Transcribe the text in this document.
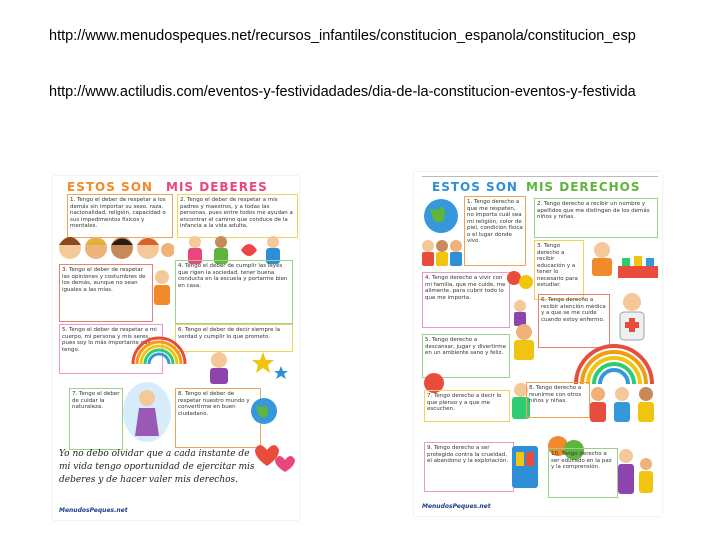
http://www.menudospeques.net/recursos_infantiles/constitucion_espanola/constitucion_esp
http://www.actiludis.com/eventos-y-festividadades/dia-de-la-constitucion-eventos-y-festivida
ESTOS SON MIS DEBERES
1. Tengo el deber de respetar a los demás sin importar su sexo, raza, nacionalidad, religión, capacidad o sus impedimentos físicos y mentales.
2. Tengo el deber de respetar a mis padres y maestros, y a todas las personas, pues entre todos me ayudan a encontrar el camino que conduce de la infancia a la vida adulta.
3. Tengo el deber de respetar las opiniones y costumbres de los demás, aunque no sean iguales a las mías.
4. Tengo el deber de cumplir las leyes que rigen la sociedad, tener buena conducta en la escuela y portarme bien en casa.
5. Tengo el deber de respetar a mi cuerpo, mi persona y mis seres, pues soy lo más importante que tengo.
6. Tengo el deber de decir siempre la verdad y cumplir lo que prometo.
7. Tengo el deber de cuidar la naturaleza.
8. Tengo el deber de respetar nuestro mundo y convertirme en buen ciudadano.
Yo no debo olvidar que a cada instante de mi vida tengo oportunidad de ejercitar mis deberes y de hacer valer mis derechos.
MenudosPeques.net
ESTOS SON MIS DERECHOS
1. Tengo derecho a que me respeten, no importa cuál sea mi religión, color de piel, condición física o el lugar donde vivo.
2. Tengo derecho a recibir un nombre y apellidos que me distingan de los demás niños y niñas.
3. Tengo derecho a recibir educación y a tener lo necesario para estudiar.
4. Tengo derecho a vivir con mi familia, que me cuide, me alimente, para cubrir todo lo que me importa.	6. Tengo derecho a recibir atención médica y a que se me cuide cuando estoy enfermo.
5. Tengo derecho a descansar, jugar y divertirme en un ambiente sano y feliz.
7. Tengo derecho a decir lo que pienso y a que me escuchen.
8. Tengo derecho a reunirme con otros niños y niñas.
9. Tengo derecho a ser protegido contra la crueldad, el abandono y la explotación.
10. Tengo derecho a ser educado en la paz y la comprensión.
MenudosPeques.net
